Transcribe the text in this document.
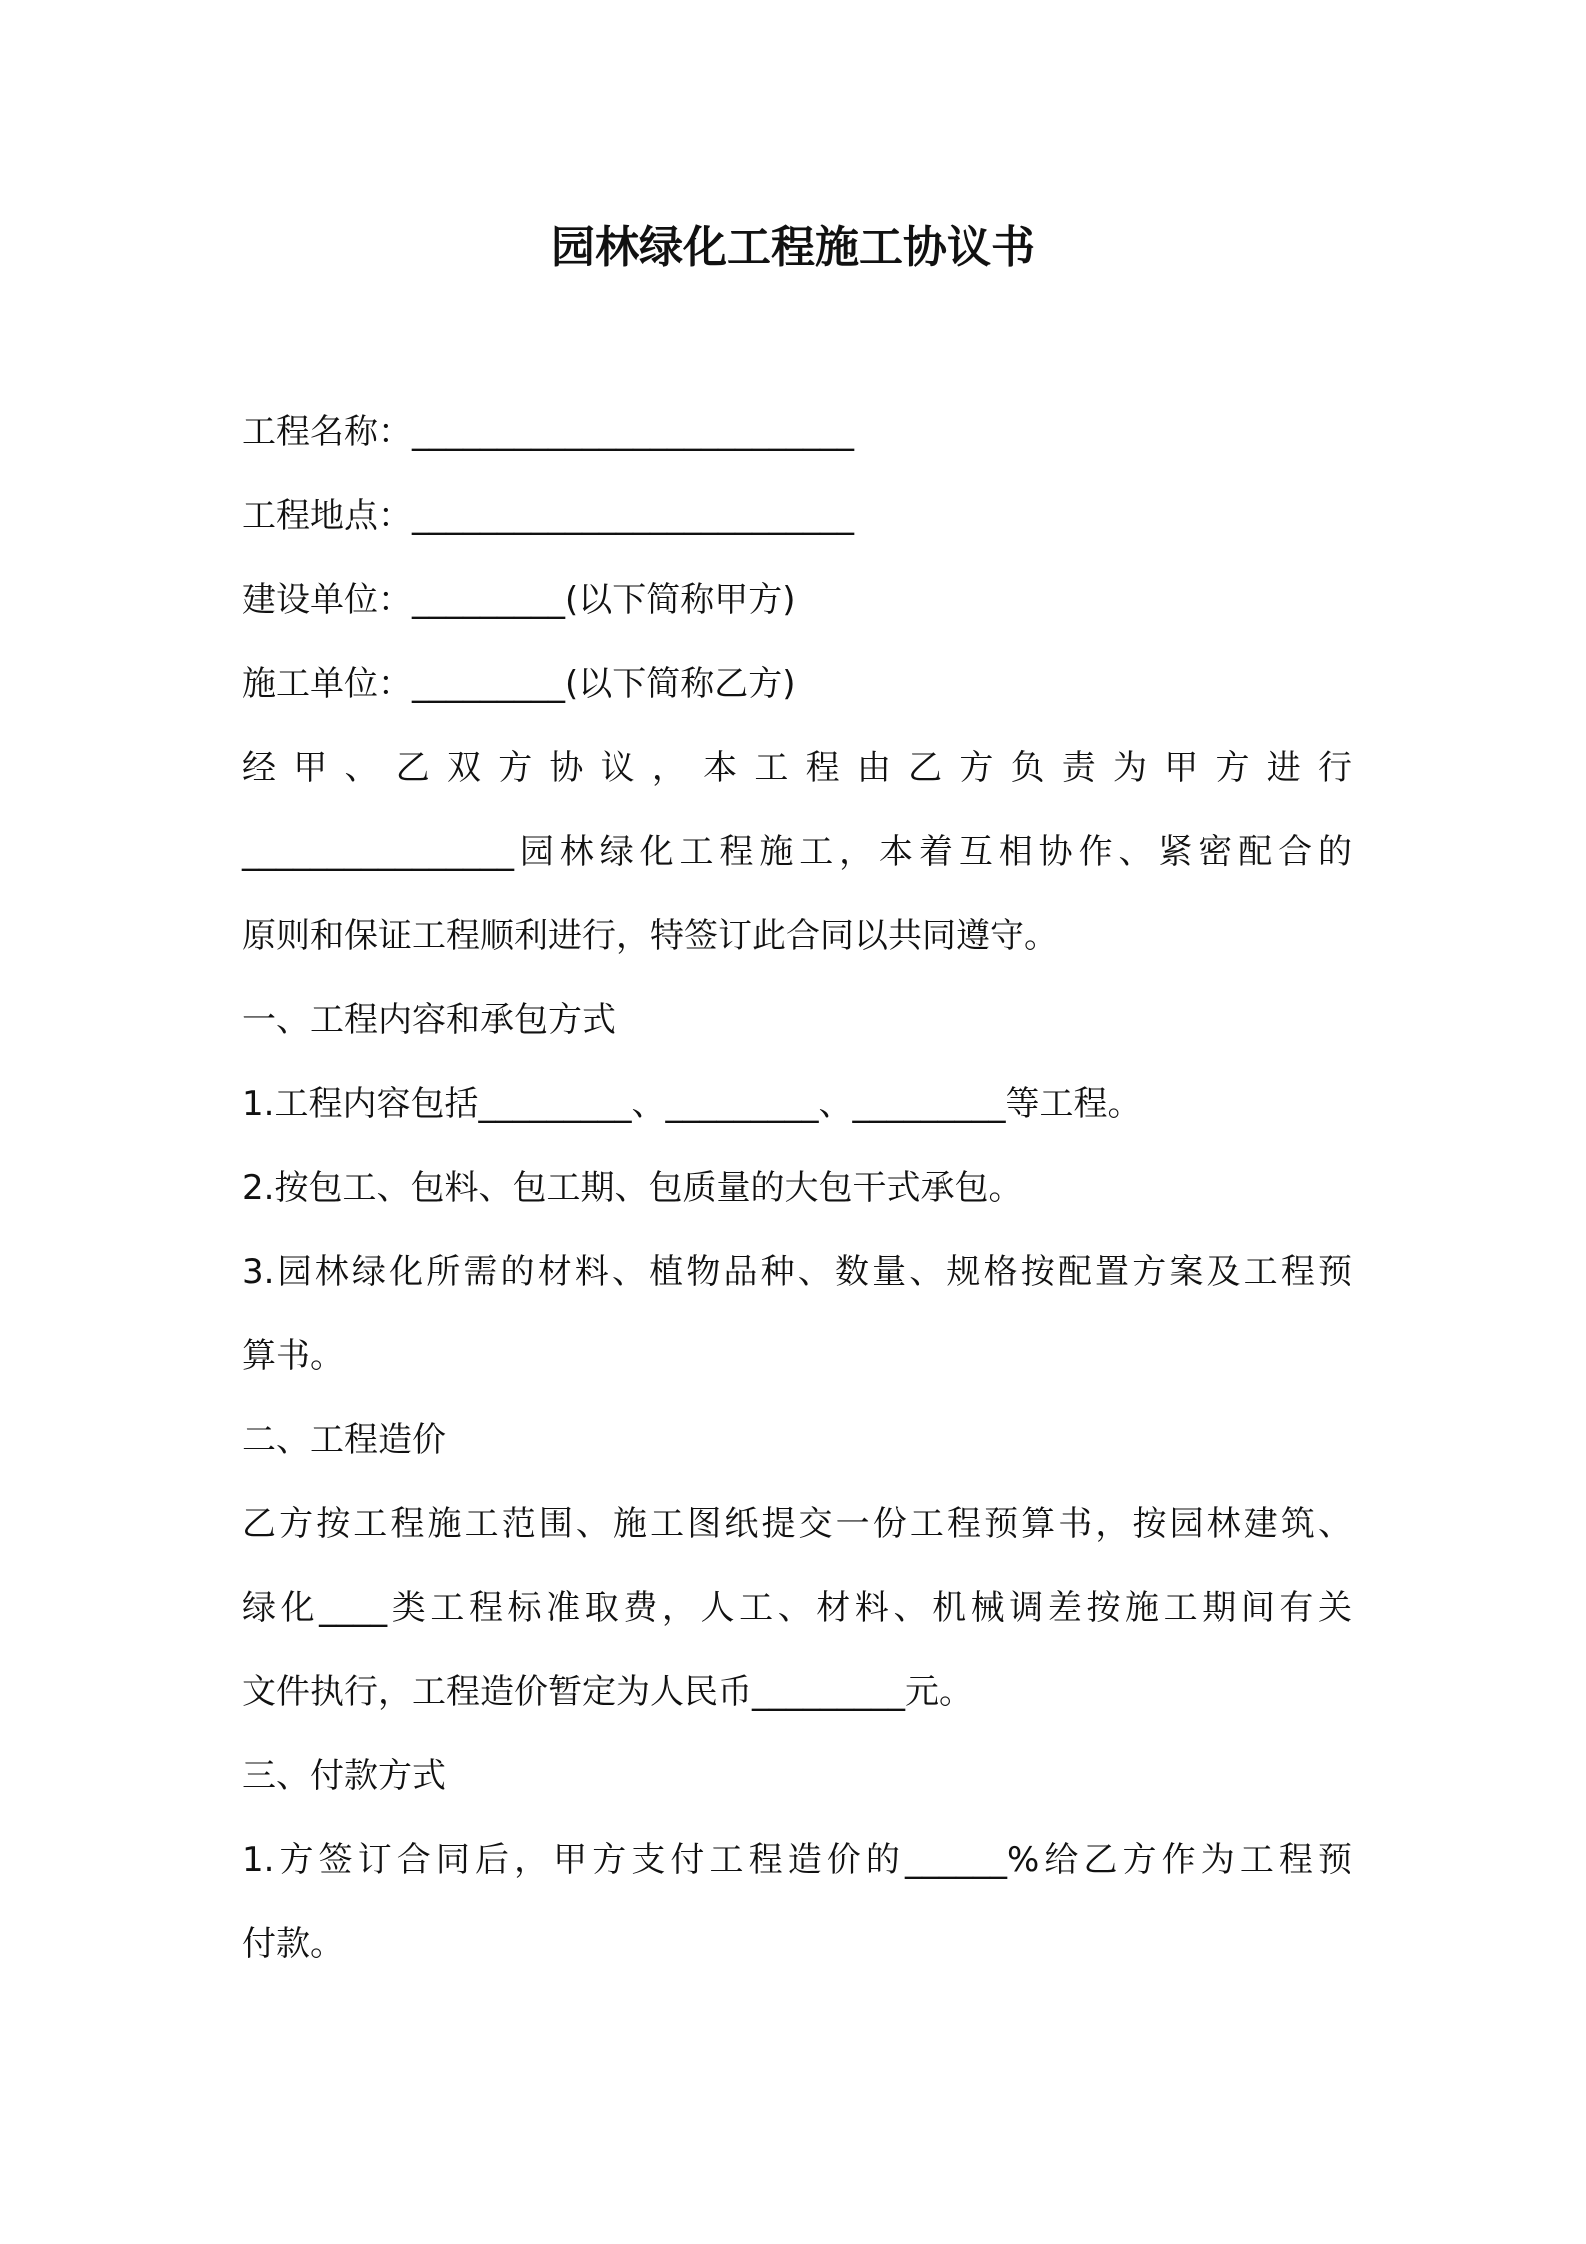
园林绿化工程施工协议书
工程名称：__________________________
工程地点：__________________________
建设单位：_________(以下简称甲方)
施工单位：_________(以下简称乙方)
经甲、乙双方协议，本工程由乙方负责为甲方进行
________________园林绿化工程施工，本着互相协作、紧密配合的
原则和保证工程顺利进行，特签订此合同以共同遵守。
一、工程内容和承包方式
1.工程内容包括_________、_________、_________等工程。
2.按包工、包料、包工期、包质量的大包干式承包。
3.园林绿化所需的材料、植物品种、数量、规格按配置方案及工程预
算书。
二、工程造价
乙方按工程施工范围、施工图纸提交一份工程预算书，按园林建筑、
绿化____类工程标准取费，人工、材料、机械调差按施工期间有关
文件执行，工程造价暂定为人民币_________元。
三、付款方式
1.方签订合同后，甲方支付工程造价的______%给乙方作为工程预
付款。
